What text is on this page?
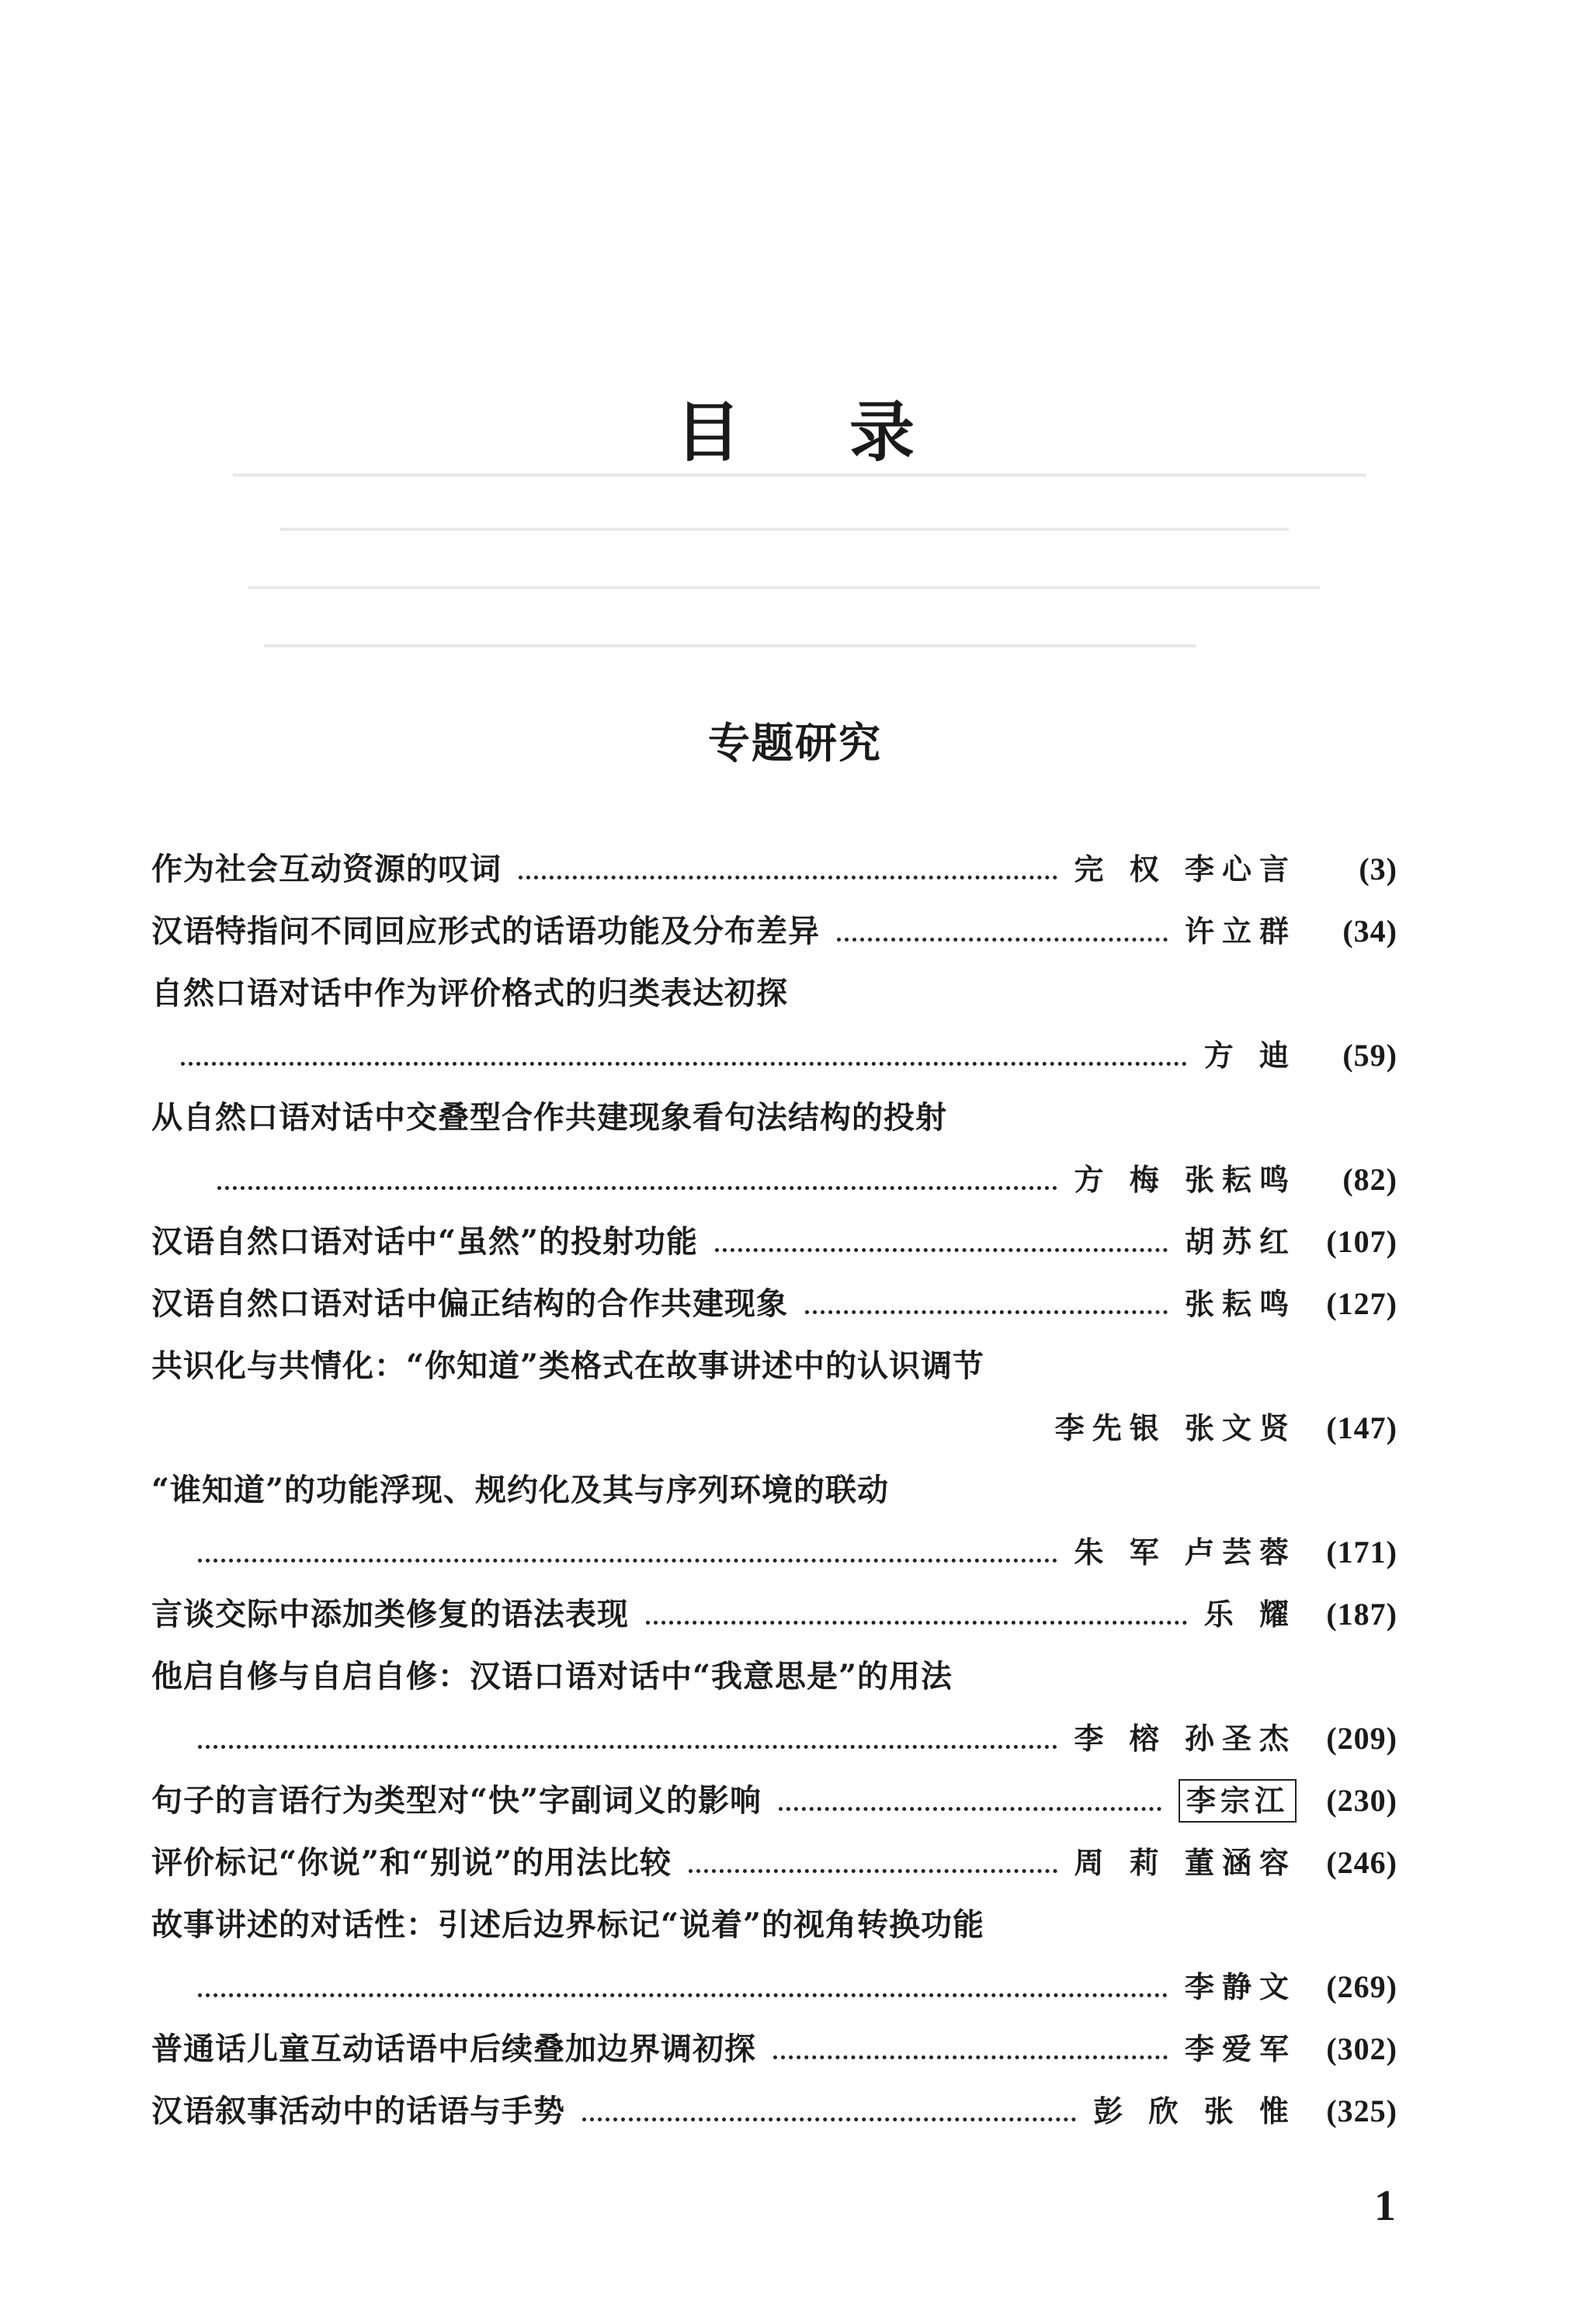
目录
专题研究
作为社会互动资源的叹词	完 权 李心言	(3)
汉语特指问不同回应形式的话语功能及分布差异	许立群	(34)
自然口语对话中作为评价格式的归类表达初探
方 迪	(59)
从自然口语对话中交叠型合作共建现象看句法结构的投射
方 梅 张耘鸣	(82)
汉语自然口语对话中“虽然”的投射功能	胡苏红 (107)
汉语自然口语对话中偏正结构的合作共建现象	张耘鸣 (127)
共识化与共情化：“你知道”类格式在故事讲述中的认识调节
李先银 张文贤 (147)
“谁知道”的功能浮现、规约化及其与序列环境的联动
朱 军 卢芸蓉 (171)
言谈交际中添加类修复的语法表现	乐 耀 (187)
他启自修与自启自修：汉语口语对话中“我意思是”的用法
李 榕 孙圣杰 (209)
句子的言语行为类型对“快”字副词义的影响	李宗江	(230)
评价标记“你说”和“别说”的用法比较	周 莉 董涵容 (246)
故事讲述的对话性：引述后边界标记“说着”的视角转换功能
李静文 (269)
普通话儿童互动话语中后续叠加边界调初探	李爱军 (302)
汉语叙事活动中的话语与手势	彭 欣 张 惟 (325)
1
